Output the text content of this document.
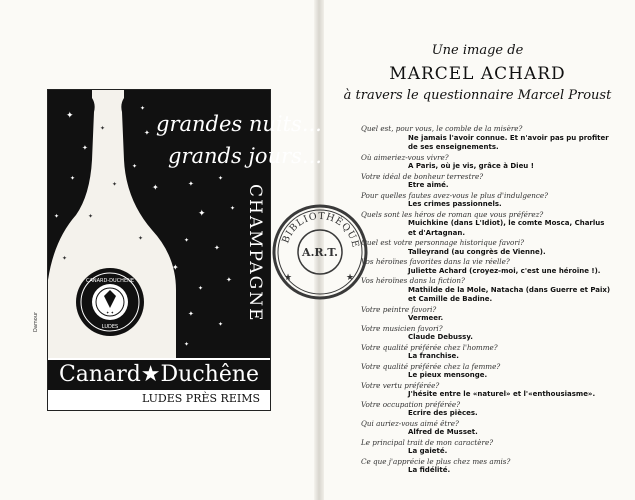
✦
✦
✦
✦
✦
✦
✦	✦
✦
✦
✦
✦
✦
✦
✦
✦
✦
✦
✦
✦
✦
✦
✦
✦
✦
✦ ✦
CANARD-DUCHÊNE
LUDES
grandes nuits...
grands jours...
CHAMPAGNE
Canard★Duchêne
LUDES PRÈS REIMS
Damour
Une image de
MARCEL ACHARD
à travers le questionnaire Marcel Proust
Quel est, pour vous, le comble de la misère?
Ne jamais l'avoir connue. Et n'avoir pas pu profiter de ses enseignements.
Où aimeriez-vous vivre?
A Paris, où je vis, grâce à Dieu !
Votre idéal de bonheur terrestre?
Etre aimé.
Pour quelles fautes avez-vous le plus d'indulgence?
Les crimes passionnels.
Quels sont les héros de roman que vous préférez?
Muichkine (dans L'Idiot), le comte Mosca, Charlus et d'Artagnan.
Quel est votre personnage historique favori?
Talleyrand (au congrès de Vienne).
Vos héroïnes favorites dans la vie réelle?
Juliette Achard (croyez-moi, c'est une héroïne !).
Vos héroïnes dans la fiction?
Mathilde de la Mole, Natacha (dans Guerre et Paix) et Camille de Badine.
Votre peintre favori?
Vermeer.
Votre musicien favori?
Claude Debussy.
Votre qualité préférée chez l'homme?
La franchise.
Votre qualité préférée chez la femme?
Le pieux mensonge.
Votre vertu préférée?
J'hésite entre le «naturel» et l'«enthousiasme».
Votre occupation préférée?
Ecrire des pièces.
Qui auriez-vous aimé être?
Alfred de Musset.
Le principal trait de mon caractère?
La gaieté.
Ce que j'apprécie le plus chez mes amis?
La fidélité.
BIBLIOTHÈQUE
A.R.T.
★	★
